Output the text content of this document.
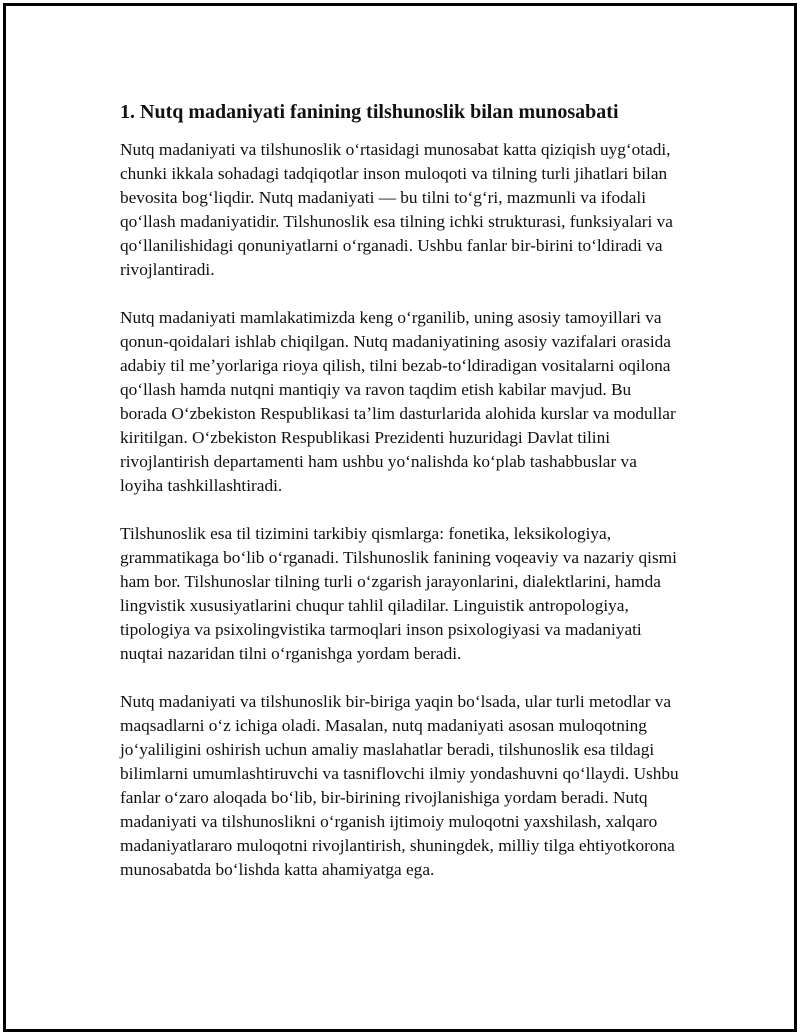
1. Nutq madaniyati fanining tilshunoslik bilan munosabati

Nutq madaniyati va tilshunoslik oʻrtasidagi munosabat katta qiziqish uygʻotadi, chunki ikkala sohadagi tadqiqotlar inson muloqoti va tilning turli jihatlari bilan bevosita bogʻliqdir. Nutq madaniyati — bu tilni toʻgʻri, mazmunli va ifodali qoʻllash madaniyatidir. Tilshunoslik esa tilning ichki strukturasi, funksiyalari va qoʻllanilishidagi qonuniyatlarni oʻrganadi. Ushbu fanlar bir-birini toʻldiradi va rivojlantiradi.

Nutq madaniyati mamlakatimizda keng oʻrganilib, uning asosiy tamoyillari va qonun-qoidalari ishlab chiqilgan. Nutq madaniyatining asosiy vazifalari orasida adabiy til meʼyorlariga rioya qilish, tilni bezab-toʻldiradigan vositalarni oqilona qoʻllash hamda nutqni mantiqiy va ravon taqdim etish kabilar mavjud. Bu borada Oʻzbekiston Respublikasi taʼlim dasturlarida alohida kurslar va modullar kiritilgan. Oʻzbekiston Respublikasi Prezidenti huzuridagi Davlat tilini rivojlantirish departamenti ham ushbu yoʻnalishda koʻplab tashabbuslar va loyiha tashkillashtiradi.

Tilshunoslik esa til tizimini tarkibiy qismlarga: fonetika, leksikologiya, grammatikaga boʻlib oʻrganadi. Tilshunoslik fanining voqeaviy va nazariy qismi ham bor. Tilshunoslar tilning turli oʻzgarish jarayonlarini, dialektlarini, hamda lingvistik xususiyatlarini chuqur tahlil qiladilar. Linguistik antropologiya, tipologiya va psixolingvistika tarmoqlari inson psixologiyasi va madaniyati nuqtai nazaridan tilni oʻrganishga yordam beradi.

Nutq madaniyati va tilshunoslik bir-biriga yaqin boʻlsada, ular turli metodlar va maqsadlarni oʻz ichiga oladi. Masalan, nutq madaniyati asosan muloqotning joʻyaliligini oshirish uchun amaliy maslahatlar beradi, tilshunoslik esa tildagi bilimlarni umumlashtiruvchi va tasniflovchi ilmiy yondashuvni qoʻllaydi. Ushbu fanlar oʻzaro aloqada boʻlib, bir-birining rivojlanishiga yordam beradi. Nutq madaniyati va tilshunoslikni oʻrganish ijtimoiy muloqotni yaxshilash, xalqaro madaniyatlararo muloqotni rivojlantirish, shuningdek, milliy tilga ehtiyotkorona munosabatda boʻlishda katta ahamiyatga ega.
